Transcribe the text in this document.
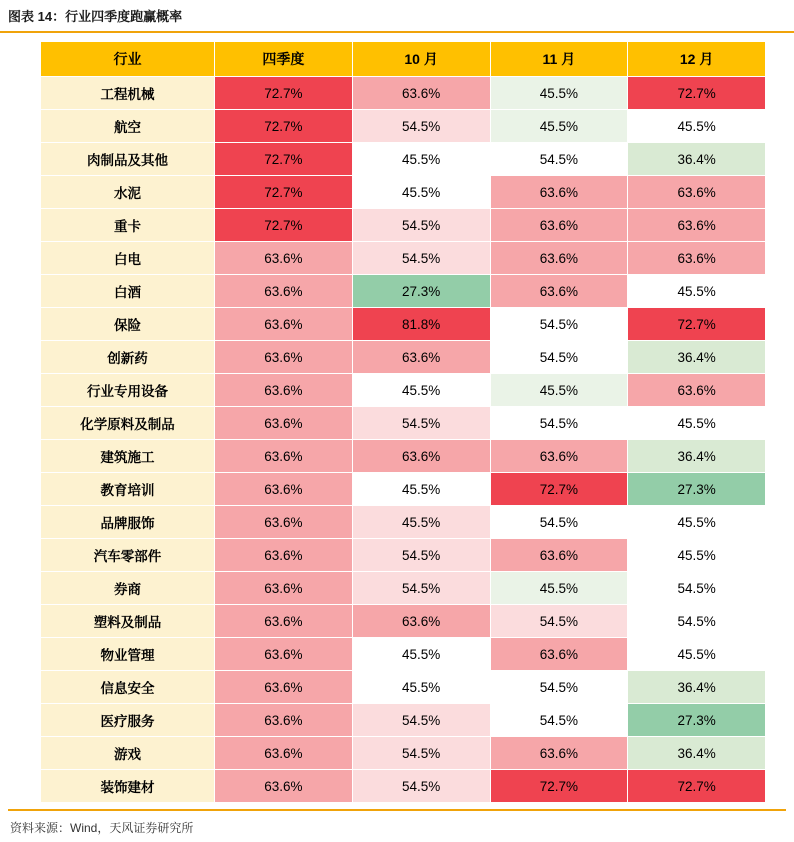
图表 14： 行业四季度跑赢概率
行业	四季度	10 月	11 月	12 月
工程机械	72.7%	63.6%	45.5%	72.7%
航空	72.7%	54.5%	45.5%	45.5%
肉制品及其他	72.7%	45.5%	54.5%	36.4%
水泥	72.7%	45.5%	63.6%	63.6%
重卡	72.7%	54.5%	63.6%	63.6%
白电	63.6%	54.5%	63.6%	63.6%
白酒	63.6%	27.3%	63.6%	45.5%
保险	63.6%	81.8%	54.5%	72.7%
创新药	63.6%	63.6%	54.5%	36.4%
行业专用设备	63.6%	45.5%	45.5%	63.6%
化学原料及制品	63.6%	54.5%	54.5%	45.5%
建筑施工	63.6%	63.6%	63.6%	36.4%
教育培训	63.6%	45.5%	72.7%	27.3%
品牌服饰	63.6%	45.5%	54.5%	45.5%
汽车零部件	63.6%	54.5%	63.6%	45.5%
券商	63.6%	54.5%	45.5%	54.5%
塑料及制品	63.6%	63.6%	54.5%	54.5%
物业管理	63.6%	45.5%	63.6%	45.5%
信息安全	63.6%	45.5%	54.5%	36.4%
医疗服务	63.6%	54.5%	54.5%	27.3%
游戏	63.6%	54.5%	63.6%	36.4%
装饰建材	63.6%	54.5%	72.7%	72.7%
资料来源：Wind，天风证券研究所
